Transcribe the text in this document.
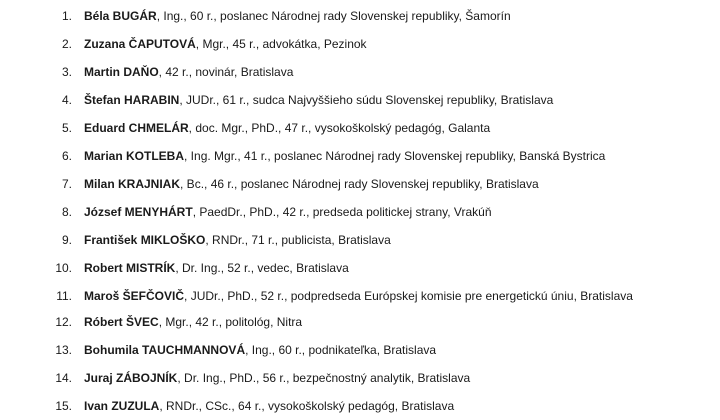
1. Béla BUGÁR, Ing., 60 r., poslanec Národnej rady Slovenskej republiky, Šamorín
2. Zuzana ČAPUTOVÁ, Mgr., 45 r., advokátka, Pezinok
3. Martin DAŇO, 42 r., novinár, Bratislava
4. Štefan HARABIN, JUDr., 61 r., sudca Najvyššieho súdu Slovenskej republiky, Bratislava
5. Eduard CHMELÁR, doc. Mgr., PhD., 47 r., vysokoškolský pedagóg, Galanta
6. Marian KOTLEBA, Ing. Mgr., 41 r., poslanec Národnej rady Slovenskej republiky, Banská Bystrica
7. Milan KRAJNIAK, Bc., 46 r., poslanec Národnej rady Slovenskej republiky, Bratislava
8. József MENYHÁRT, PaedDr., PhD., 42 r., predseda politickej strany, Vrakúň
9. František MIKLOŠKO, RNDr., 71 r., publicista, Bratislava
10. Robert MISTRÍK, Dr. Ing., 52 r., vedec, Bratislava
11. Maroš ŠEFČOVIČ, JUDr., PhD., 52 r., podpredseda Európskej komisie pre energetickú úniu, Bratislava
12. Róbert ŠVEC, Mgr., 42 r., politológ, Nitra
13. Bohumila TAUCHMANNOVÁ, Ing., 60 r., podnikateľka, Bratislava
14. Juraj ZÁBOJNÍK, Dr. Ing., PhD., 56 r., bezpečnostný analytik, Bratislava
15. Ivan ZUZULA, RNDr., CSc., 64 r., vysokoškolský pedagóg, Bratislava
